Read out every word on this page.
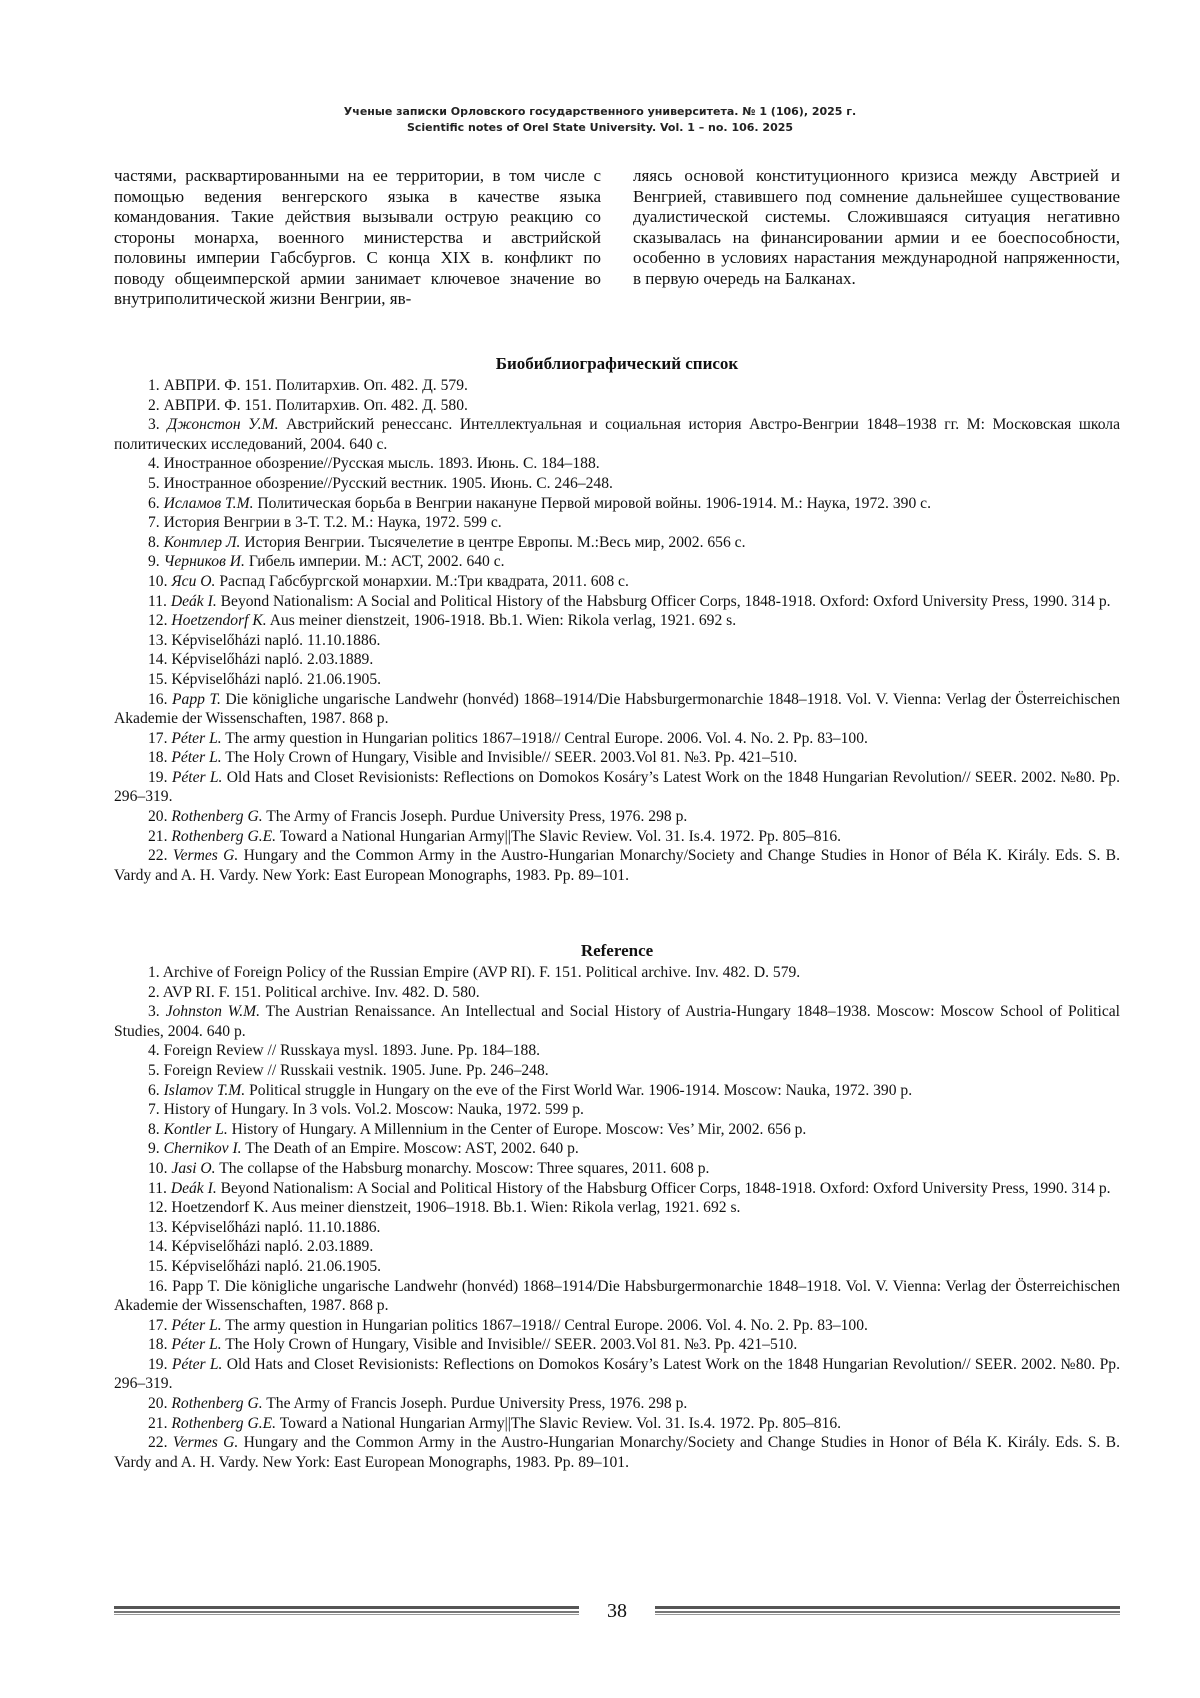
Ученые записки Орловского государственного университета. № 1 (106), 2025 г.
Scientific notes of Orel State University. Vol. 1 – no. 106. 2025

частями, расквартированными на ее территории, в том числе с помощью ведения венгерского языка в качестве языка командования. Такие действия вызывали острую реакцию со стороны монарха, военного министерства и австрийской половины империи Габсбургов. С конца XIX в. конфликт по поводу общеимперской армии занимает ключевое значение во внутриполитической жизни Венгрии, яв-

ляясь основой конституционного кризиса между Австрией и Венгрией, ставившего под сомнение дальнейшее существование дуалистической системы. Сложившаяся ситуация негативно сказывалась на финансировании армии и ее боеспособности, особенно в условиях нарастания международной напряженности, в первую очередь на Балканах.

Биобиблиографический список

1. АВПРИ. Ф. 151. Политархив. Оп. 482. Д. 579.

2. АВПРИ. Ф. 151. Политархив. Оп. 482. Д. 580.

3. Джонстон У.М. Австрийский ренессанс. Интеллектуальная и социальная история Австро-Венгрии 1848–1938 гг. М: Московская школа политических исследований, 2004. 640 с.

4. Иностранное обозрение//Русская мысль. 1893. Июнь. С. 184–188.

5. Иностранное обозрение//Русский вестник. 1905. Июнь. С. 246–248.

6. Исламов Т.М. Политическая борьба в Венгрии накануне Первой мировой войны. 1906-1914. М.: Наука, 1972. 390 с.

7. История Венгрии в 3-Т. Т.2. М.: Наука, 1972. 599 с.

8. Контлер Л. История Венгрии. Тысячелетие в центре Европы. М.:Весь мир, 2002. 656 с.

9. Черников И. Гибель империи. М.: АСТ, 2002. 640 с.

10. Яси О. Распад Габсбургской монархии. М.:Три квадрата, 2011. 608 с.

11. Deák I. Beyond Nationalism: A Social and Political History of the Habsburg Officer Corps, 1848-1918. Oxford: Oxford University Press, 1990. 314 p.

12. Hoetzendorf K. Aus meiner dienstzeit, 1906-1918. Bb.1. Wien: Rikola verlag, 1921. 692 s.

13. Képviselőházi napló. 11.10.1886.

14. Képviselőházi napló. 2.03.1889.

15. Képviselőházi napló. 21.06.1905.

16. Papp T. Die königliche ungarische Landwehr (honvéd) 1868–1914/Die Habsburgermonarchie 1848–1918. Vol. V. Vienna: Verlag der Österreichischen Akademie der Wissenschaften, 1987. 868 p.

17. Péter L. The army question in Hungarian politics 1867–1918// Central Europe. 2006. Vol. 4. No. 2. Pp. 83–100.

18. Péter L. The Holy Crown of Hungary, Visible and Invisible// SEER. 2003.Vol 81. №3. Pp. 421–510.

19. Péter L. Old Hats and Closet Revisionists: Reflections on Domokos Kosáry’s Latest Work on the 1848 Hungarian Revolution// SEER. 2002. №80. Pp. 296–319.

20. Rothenberg G. The Army of Francis Joseph. Purdue University Press, 1976. 298 p.

21. Rothenberg G.E. Toward a National Hungarian Army||The Slavic Review. Vol. 31. Is.4. 1972. Pp. 805–816.

22. Vermes G. Hungary and the Common Army in the Austro-Hungarian Monarchy/Society and Change Studies in Honor of Béla K. Király. Eds. S. B. Vardy and A. H. Vardy. New York: East European Monographs, 1983. Pp. 89–101.

Reference

1. Archive of Foreign Policy of the Russian Empire (AVP RI). F. 151. Political archive. Inv. 482. D. 579.

2. AVP RI. F. 151. Political archive. Inv. 482. D. 580.

3. Johnston W.M. The Austrian Renaissance. An Intellectual and Social History of Austria-Hungary 1848–1938. Moscow: Moscow School of Political Studies, 2004. 640 p.

4. Foreign Review // Russkaya mysl. 1893. June. Pp. 184–188.

5. Foreign Review // Russkaii vestnik. 1905. June. Pp. 246–248.

6. Islamov T.M. Political struggle in Hungary on the eve of the First World War. 1906-1914. Moscow: Nauka, 1972. 390 p.

7. History of Hungary. In 3 vols. Vol.2. Moscow: Nauka, 1972. 599 p.

8. Kontler L. History of Hungary. A Millennium in the Center of Europe. Moscow: Ves’ Mir, 2002. 656 p.

9. Chernikov I. The Death of an Empire. Moscow: AST, 2002. 640 p.

10. Jasi O. The collapse of the Habsburg monarchy. Moscow: Three squares, 2011. 608 p.

11. Deák I. Beyond Nationalism: A Social and Political History of the Habsburg Officer Corps, 1848-1918. Oxford: Oxford University Press, 1990. 314 p.

12. Hoetzendorf K. Aus meiner dienstzeit, 1906–1918. Bb.1. Wien: Rikola verlag, 1921. 692 s.

13. Képviselőházi napló. 11.10.1886.

14. Képviselőházi napló. 2.03.1889.

15. Képviselőházi napló. 21.06.1905.

16. Papp T. Die königliche ungarische Landwehr (honvéd) 1868–1914/Die Habsburgermonarchie 1848–1918. Vol. V. Vienna: Verlag der Österreichischen Akademie der Wissenschaften, 1987. 868 p.

17. Péter L. The army question in Hungarian politics 1867–1918// Central Europe. 2006. Vol. 4. No. 2. Pp. 83–100.

18. Péter L. The Holy Crown of Hungary, Visible and Invisible// SEER. 2003.Vol 81. №3. Pp. 421–510.

19. Péter L. Old Hats and Closet Revisionists: Reflections on Domokos Kosáry’s Latest Work on the 1848 Hungarian Revolution// SEER. 2002. №80. Pp. 296–319.

20. Rothenberg G. The Army of Francis Joseph. Purdue University Press, 1976. 298 p.

21. Rothenberg G.E. Toward a National Hungarian Army||The Slavic Review. Vol. 31. Is.4. 1972. Pp. 805–816.

22. Vermes G. Hungary and the Common Army in the Austro-Hungarian Monarchy/Society and Change Studies in Honor of Béla K. Király. Eds. S. B. Vardy and A. H. Vardy. New York: East European Monographs, 1983. Pp. 89–101.

38
